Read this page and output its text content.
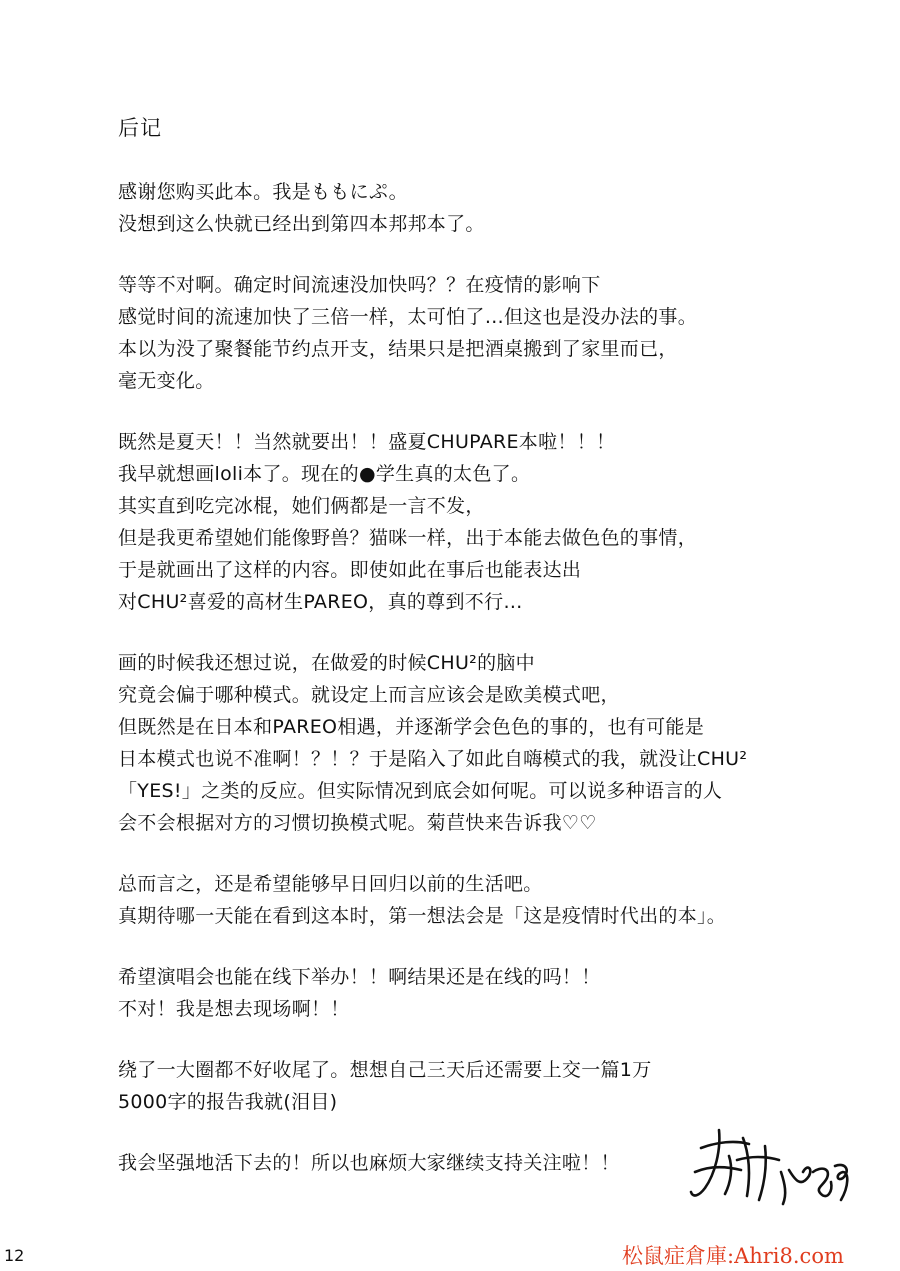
后记
感谢您购买此本。我是ももにぷ。
没想到这么快就已经出到第四本邦邦本了。
等等不对啊。确定时间流速没加快吗？？在疫情的影响下
感觉时间的流速加快了三倍一样，太可怕了…但这也是没办法的事。
本以为没了聚餐能节约点开支，结果只是把酒桌搬到了家里而已，
毫无变化。
既然是夏天！！当然就要出！！盛夏CHUPARE本啦！！！
我早就想画loli本了。现在的●学生真的太色了。
其实直到吃完冰棍，她们俩都是一言不发，
但是我更希望她们能像野兽？猫咪一样，出于本能去做色色的事情，
于是就画出了这样的内容。即使如此在事后也能表达出
对CHU²喜爱的高材生PAREO，真的尊到不行…
画的时候我还想过说，在做爱的时候CHU²的脑中
究竟会偏于哪种模式。就设定上而言应该会是欧美模式吧，
但既然是在日本和PAREO相遇，并逐渐学会色色的事的，也有可能是
日本模式也说不准啊！？！？于是陷入了如此自嗨模式的我，就没让CHU²
「YES!」之类的反应。但实际情况到底会如何呢。可以说多种语言的人
会不会根据对方的习惯切换模式呢。菊苣快来告诉我♡♡
总而言之，还是希望能够早日回归以前的生活吧。
真期待哪一天能在看到这本时，第一想法会是「这是疫情时代出的本」。
希望演唱会也能在线下举办！！啊结果还是在线的吗！！
不对！我是想去现场啊！！
绕了一大圈都不好收尾了。想想自己三天后还需要上交一篇1万
5000字的报告我就(泪目)
我会坚强地活下去的！所以也麻烦大家继续支持关注啦！！
12	松鼠症倉庫:Ahri8.com
